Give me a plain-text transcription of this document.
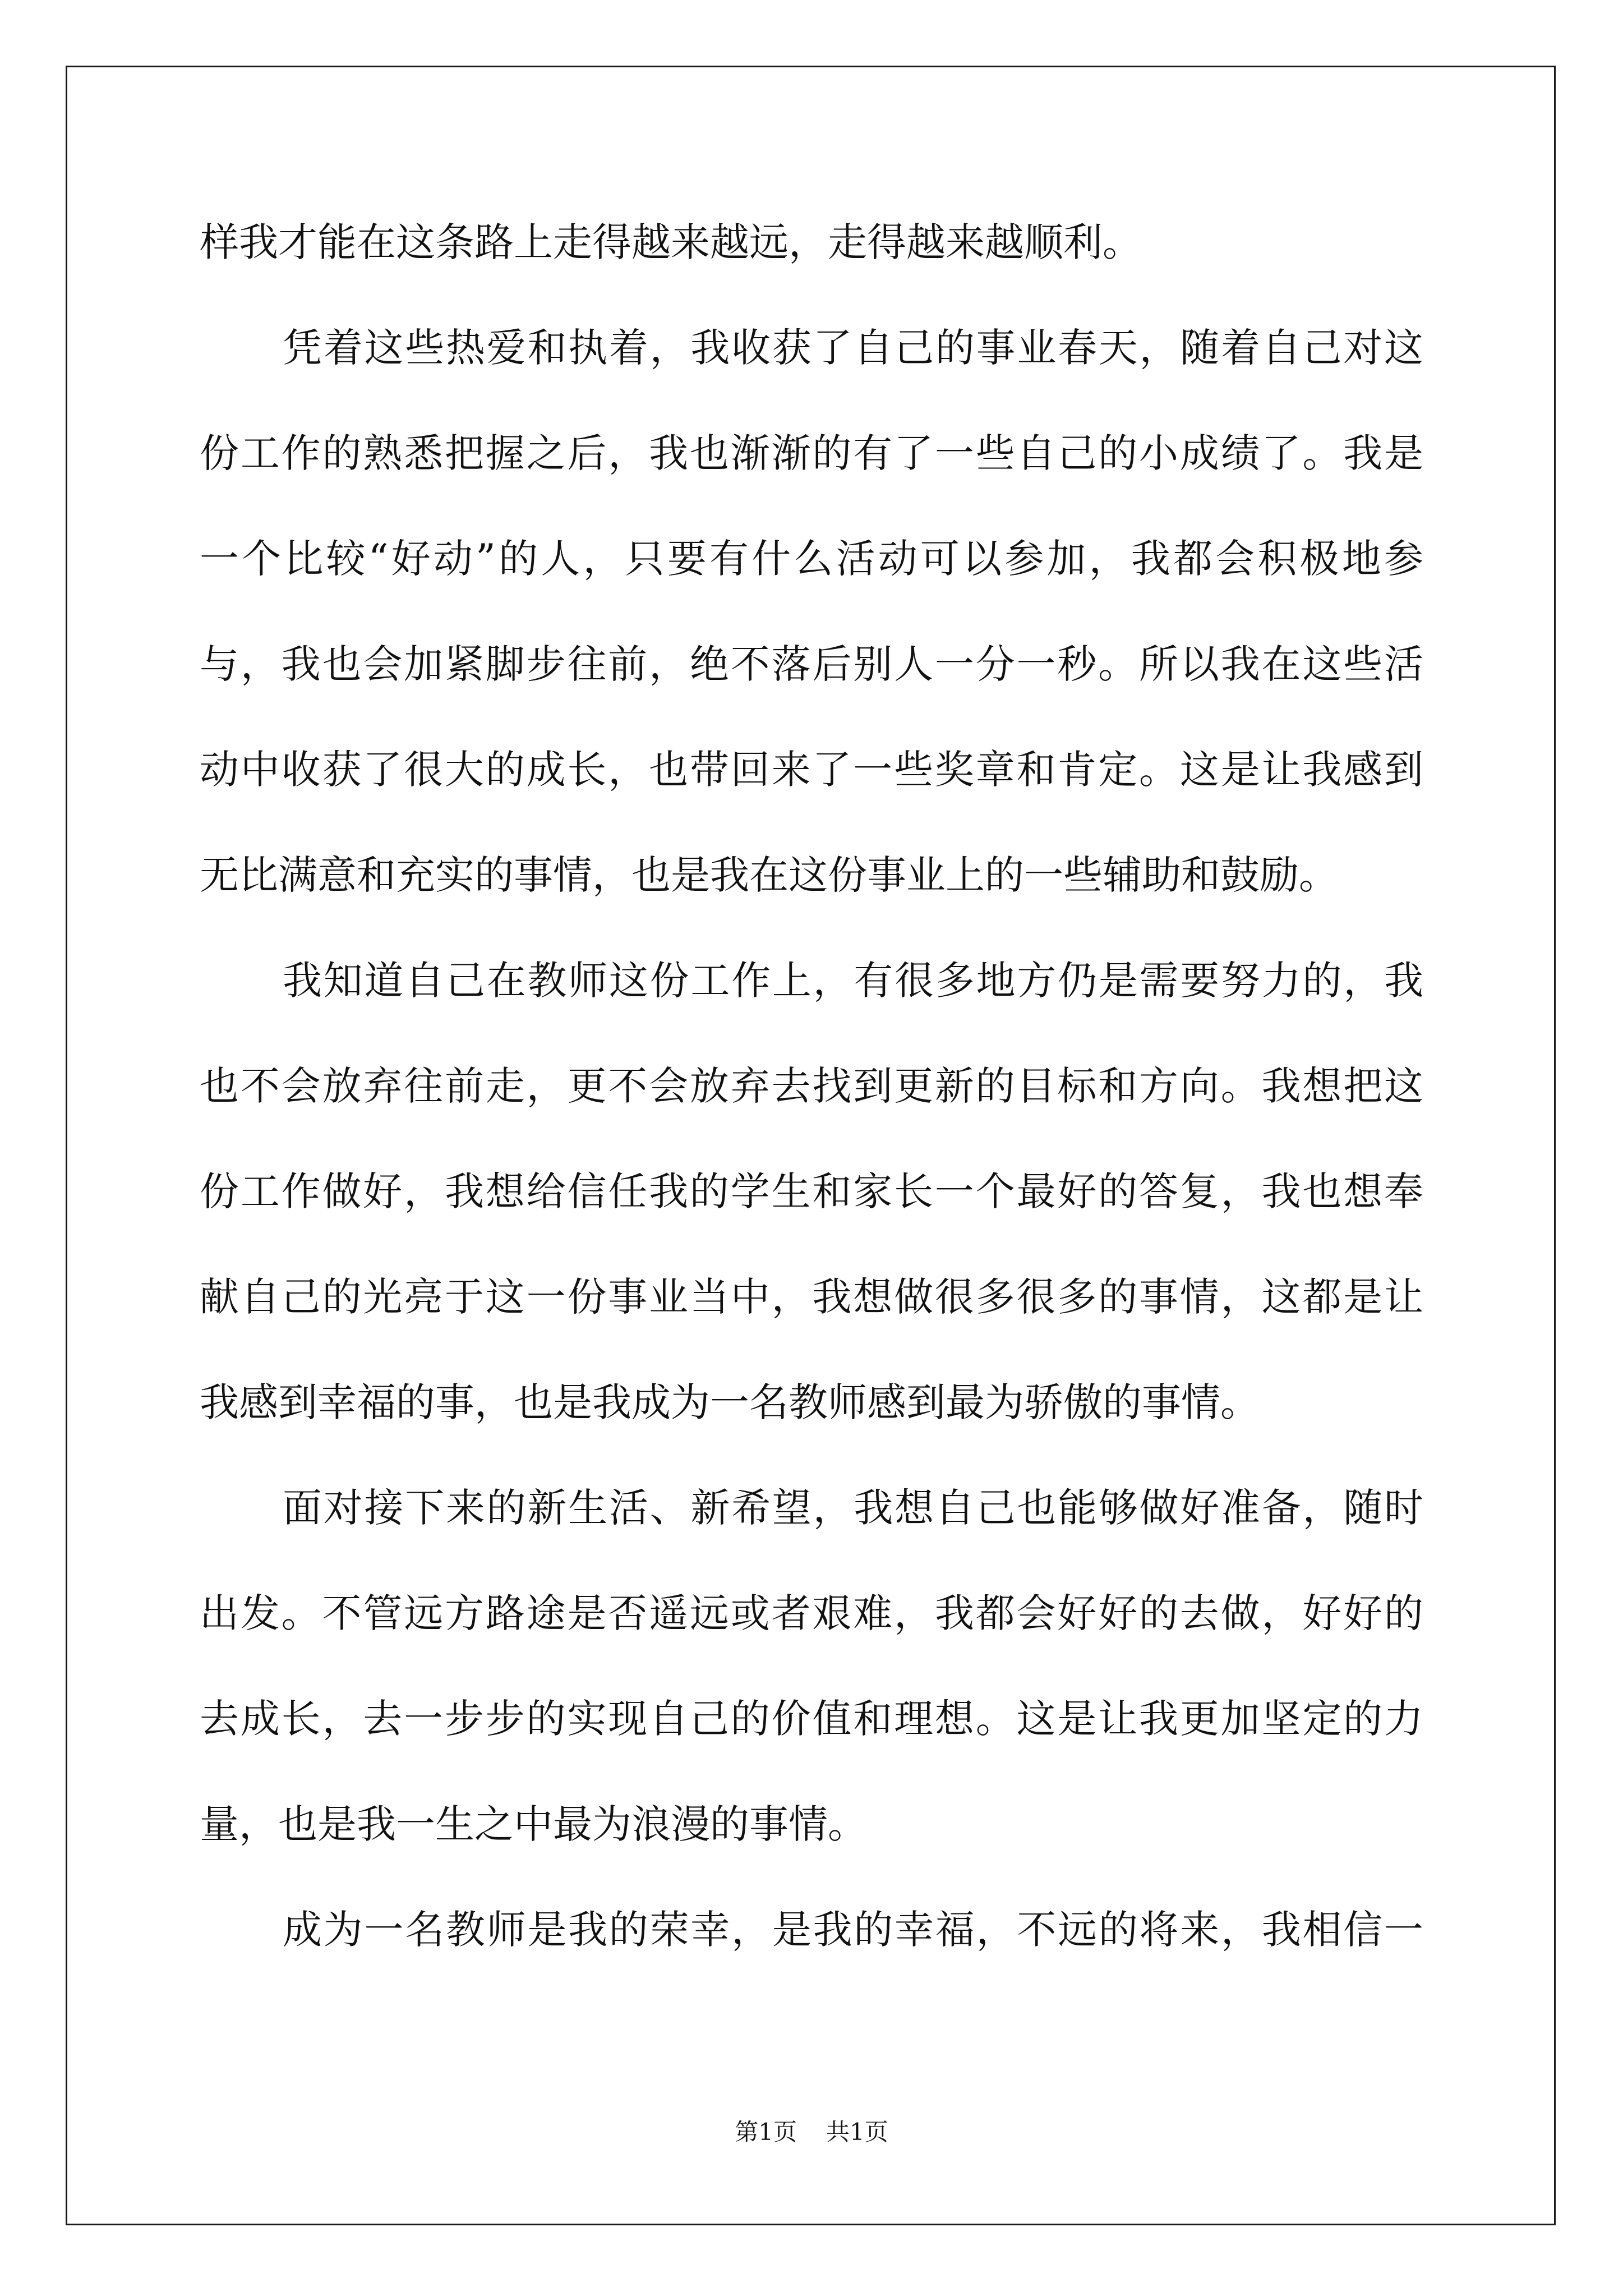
样我才能在这条路上走得越来越远，走得越来越顺利。
凭着这些热爱和执着，我收获了自己的事业春天，随着自己对这
份工作的熟悉把握之后，我也渐渐的有了一些自己的小成绩了。我是
一个比较“好动”的人，只要有什么活动可以参加，我都会积极地参
与，我也会加紧脚步往前，绝不落后别人一分一秒。所以我在这些活
动中收获了很大的成长，也带回来了一些奖章和肯定。这是让我感到
无比满意和充实的事情，也是我在这份事业上的一些辅助和鼓励。
我知道自己在教师这份工作上，有很多地方仍是需要努力的，我
也不会放弃往前走，更不会放弃去找到更新的目标和方向。我想把这
份工作做好，我想给信任我的学生和家长一个最好的答复，我也想奉
献自己的光亮于这一份事业当中，我想做很多很多的事情，这都是让
我感到幸福的事，也是我成为一名教师感到最为骄傲的事情。
面对接下来的新生活、新希望，我想自己也能够做好准备，随时
出发。不管远方路途是否遥远或者艰难，我都会好好的去做，好好的
去成长，去一步步的实现自己的价值和理想。这是让我更加坚定的力
量，也是我一生之中最为浪漫的事情。
成为一名教师是我的荣幸，是我的幸福，不远的将来，我相信一
第1页 共1页
